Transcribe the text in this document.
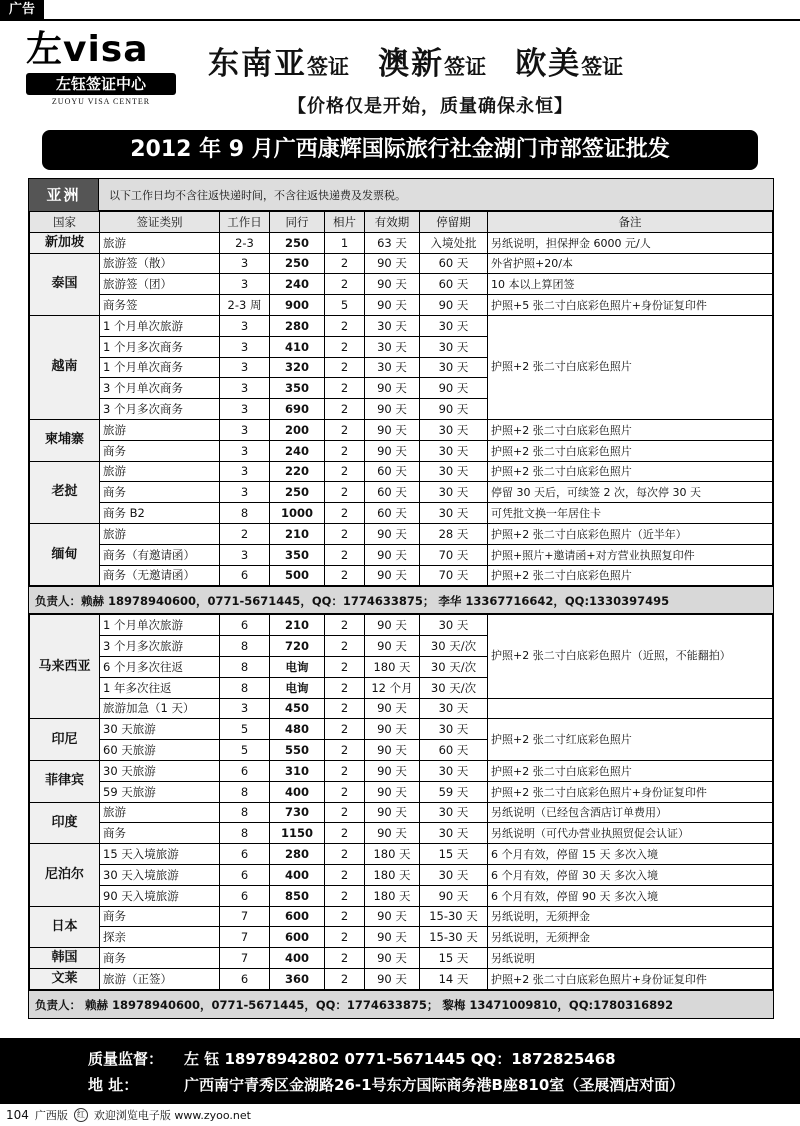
广告
左visa
左钰签证中心
ZUOYU VISA CENTER
东南亚签证 澳新签证 欧美签证
【价格仅是开始，质量确保永恒】
2012 年 9 月广西康辉国际旅行社金湖门市部签证批发
亚洲	以下工作日均不含往返快递时间，不含往返快递费及发票税。
国家	签证类别	工作日	同行	相片	有效期	停留期	备注
新加坡	旅游	2-3	250	1	63 天	入境处批	另纸说明，担保押金 6000 元/人
泰国	旅游签（散）	3	250	2	90 天	60 天	外省护照+20/本
	旅游签（团）	3	240	2	90 天	60 天	10 本以上算团签
	商务签	2-3 周	900	5	90 天	90 天	护照+5 张二寸白底彩色照片+身份证复印件
越南	1 个月单次旅游	3	280	2	30 天	30 天	护照+2 张二寸白底彩色照片
	1 个月多次商务	3	410	2	30 天	30 天	
	1 个月单次商务	3	320	2	30 天	30 天	
	3 个月单次商务	3	350	2	90 天	90 天	
	3 个月多次商务	3	690	2	90 天	90 天	
柬埔寨	旅游	3	200	2	90 天	30 天	护照+2 张二寸白底彩色照片
	商务	3	240	2	90 天	30 天	护照+2 张二寸白底彩色照片
老挝	旅游	3	220	2	60 天	30 天	护照+2 张二寸白底彩色照片
	商务	3	250	2	60 天	30 天	停留 30 天后，可续签 2 次，每次停 30 天
	商务 B2	8	1000	2	60 天	30 天	可凭批文换一年居住卡
缅甸	旅游	2	210	2	90 天	28 天	护照+2 张二寸白底彩色照片（近半年）
	商务（有邀请函）	3	350	2	90 天	70 天	护照+照片+邀请函+对方营业执照复印件
	商务（无邀请函）	6	500	2	90 天	70 天	护照+2 张二寸白底彩色照片
负责人：赖赫 18978940600，0771-5671445，QQ：1774633875； 李华 13367716642，QQ:1330397495
马来西亚	1 个月单次旅游	6	210	2	90 天	30 天	护照+2 张二寸白底彩色照片（近照，不能翻拍）
	3 个月多次旅游	8	720	2	90 天	30 天/次	
	6 个月多次往返	8	电询	2	180 天	30 天/次	
	1 年多次往返	8	电询	2	12 个月	30 天/次	
	旅游加急（1 天）	3	450	2	90 天	30 天	
印尼	30 天旅游	5	480	2	90 天	30 天	护照+2 张二寸红底彩色照片
	60 天旅游	5	550	2	90 天	60 天	
菲律宾	30 天旅游	6	310	2	90 天	30 天	护照+2 张二寸白底彩色照片
	59 天旅游	8	400	2	90 天	59 天	护照+2 张二寸白底彩色照片+身份证复印件
印度	旅游	8	730	2	90 天	30 天	另纸说明（已经包含酒店订单费用）
	商务	8	1150	2	90 天	30 天	另纸说明（可代办营业执照贸促会认证）
尼泊尔	15 天入境旅游	6	280	2	180 天	15 天	6 个月有效，停留 15 天 多次入境
	30 天入境旅游	6	400	2	180 天	30 天	6 个月有效，停留 30 天 多次入境
	90 天入境旅游	6	850	2	180 天	90 天	6 个月有效，停留 90 天 多次入境
日本	商务	7	600	2	90 天	15-30 天	另纸说明，无须押金
	探亲	7	600	2	90 天	15-30 天	另纸说明，无须押金
韩国	商务	7	400	2	90 天	15 天	另纸说明
文莱	旅游（正签）	6	360	2	90 天	14 天	护照+2 张二寸白底彩色照片+身份证复印件
负责人： 赖赫 18978940600，0771-5671445，QQ：1774633875； 黎梅 13471009810，QQ:1780316892
质量监督： 左 钰 18978942802 0771-5671445 QQ：1872825468
地 址：	广西南宁青秀区金湖路26-1号东方国际商务港B座810室（圣展酒店对面）
104 广西版	红 欢迎浏览电子版 www.zyoo.net
